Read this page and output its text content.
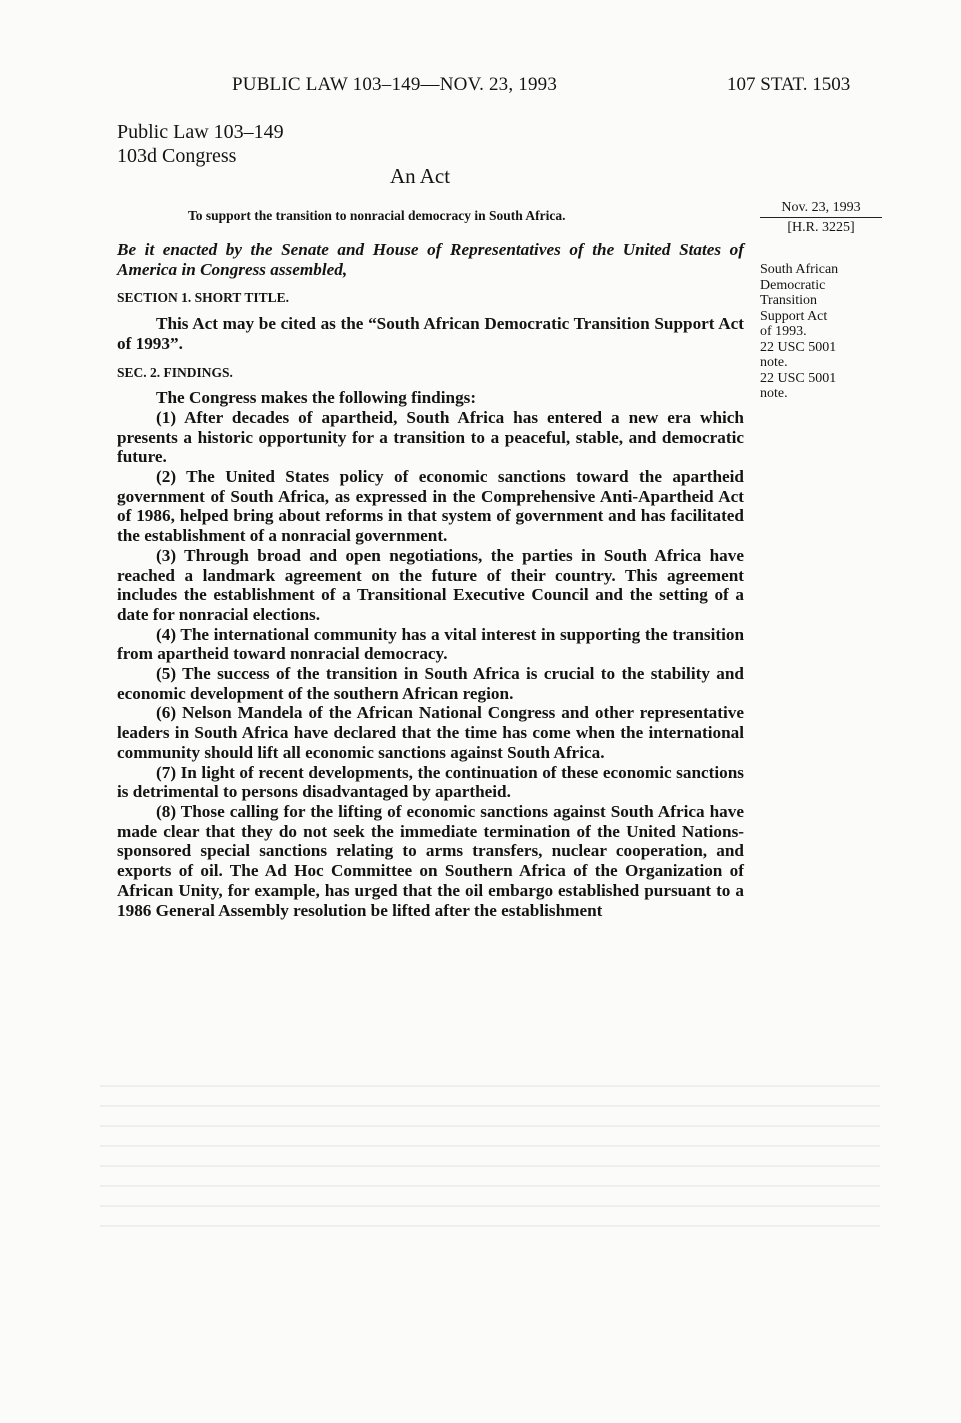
PUBLIC LAW 103–149—NOV. 23, 1993	107 STAT. 1503
Public Law 103–149
103d Congress
An Act
To support the transition to nonracial democracy in South Africa.
Nov. 23, 1993
[H.R. 3225]
South African
Democratic
Transition
Support Act
of 1993.
22 USC 5001
note.
22 USC 5001
note.

Be it enacted by the Senate and House of Representatives of the United States of America in Congress assembled,

SECTION 1. SHORT TITLE.

This Act may be cited as the “South African Democratic Transition Support Act of 1993”.

SEC. 2. FINDINGS.

The Congress makes the following findings:

(1) After decades of apartheid, South Africa has entered a new era which presents a historic opportunity for a transition to a peaceful, stable, and democratic future.

(2) The United States policy of economic sanctions toward the apartheid government of South Africa, as expressed in the Comprehensive Anti-Apartheid Act of 1986, helped bring about reforms in that system of government and has facilitated the establishment of a nonracial government.

(3) Through broad and open negotiations, the parties in South Africa have reached a landmark agreement on the future of their country. This agreement includes the establishment of a Transitional Executive Council and the setting of a date for nonracial elections.

(4) The international community has a vital interest in supporting the transition from apartheid toward nonracial democracy.

(5) The success of the transition in South Africa is crucial to the stability and economic development of the southern African region.

(6) Nelson Mandela of the African National Congress and other representative leaders in South Africa have declared that the time has come when the international community should lift all economic sanctions against South Africa.

(7) In light of recent developments, the continuation of these economic sanctions is detrimental to persons disadvantaged by apartheid.

(8) Those calling for the lifting of economic sanctions against South Africa have made clear that they do not seek the immediate termination of the United Nations-sponsored special sanctions relating to arms transfers, nuclear cooperation, and exports of oil. The Ad Hoc Committee on Southern Africa of the Organization of African Unity, for example, has urged that the oil embargo established pursuant to a 1986 General Assembly resolution be lifted after the establishment
